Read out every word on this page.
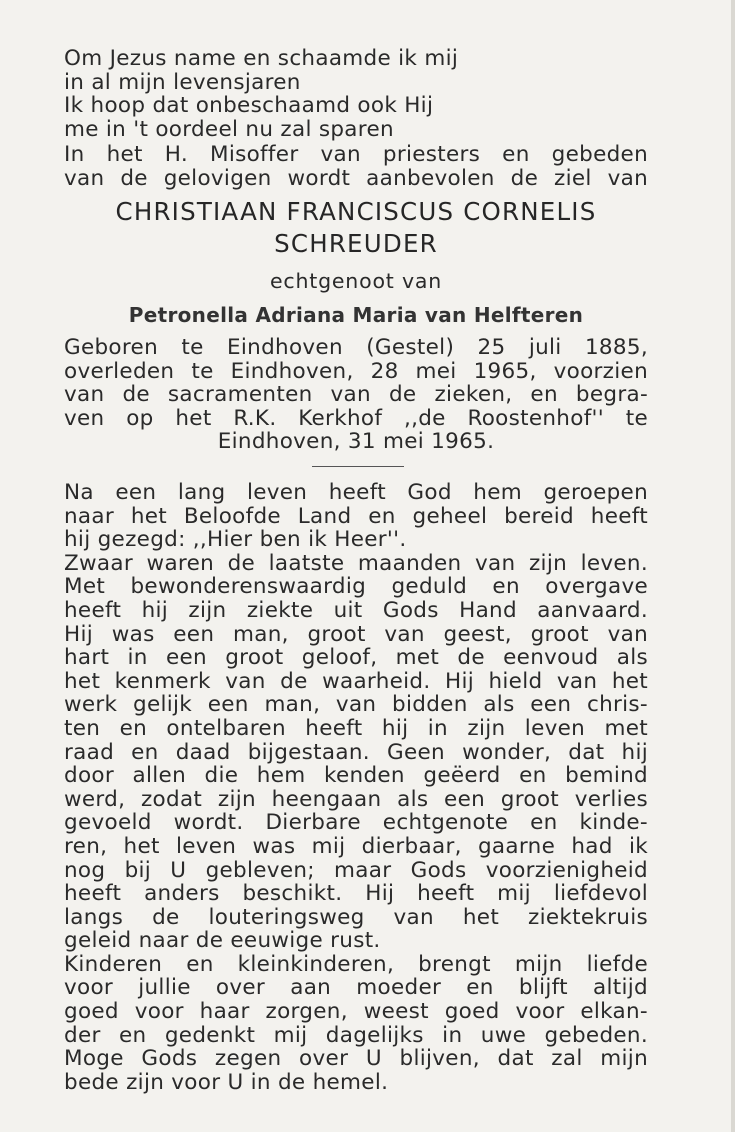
Om Jezus name en schaamde ik mij
in al mijn levensjaren
Ik hoop dat onbeschaamd ook Hij
me in 't oordeel nu zal sparen
In het H. Misoffer van priesters en gebeden
van de gelovigen wordt aanbevolen de ziel van
CHRISTIAAN FRANCISCUS CORNELIS
SCHREUDER
echtgenoot van
Petronella Adriana Maria van Helfteren
Geboren te Eindhoven (Gestel) 25 juli 1885,
overleden te Eindhoven, 28 mei 1965, voorzien
van de sacramenten van de zieken, en begra-
ven op het R.K. Kerkhof ,,de Roostenhof'' te
Eindhoven, 31 mei 1965.
Na een lang leven heeft God hem geroepen
naar het Beloofde Land en geheel bereid heeft
hij gezegd: ,,Hier ben ik Heer''.
Zwaar waren de laatste maanden van zijn leven.
Met bewonderenswaardig geduld en overgave
heeft hij zijn ziekte uit Gods Hand aanvaard.
Hij was een man, groot van geest, groot van
hart in een groot geloof, met de eenvoud als
het kenmerk van de waarheid. Hij hield van het
werk gelijk een man, van bidden als een chris-
ten en ontelbaren heeft hij in zijn leven met
raad en daad bijgestaan. Geen wonder, dat hij
door allen die hem kenden geëerd en bemind
werd, zodat zijn heengaan als een groot verlies
gevoeld wordt. Dierbare echtgenote en kinde-
ren, het leven was mij dierbaar, gaarne had ik
nog bij U gebleven; maar Gods voorzienigheid
heeft anders beschikt. Hij heeft mij liefdevol
langs de louteringsweg van het ziektekruis
geleid naar de eeuwige rust.
Kinderen en kleinkinderen, brengt mijn liefde
voor jullie over aan moeder en blijft altijd
goed voor haar zorgen, weest goed voor elkan-
der en gedenkt mij dagelijks in uwe gebeden.
Moge Gods zegen over U blijven, dat zal mijn
bede zijn voor U in de hemel.
